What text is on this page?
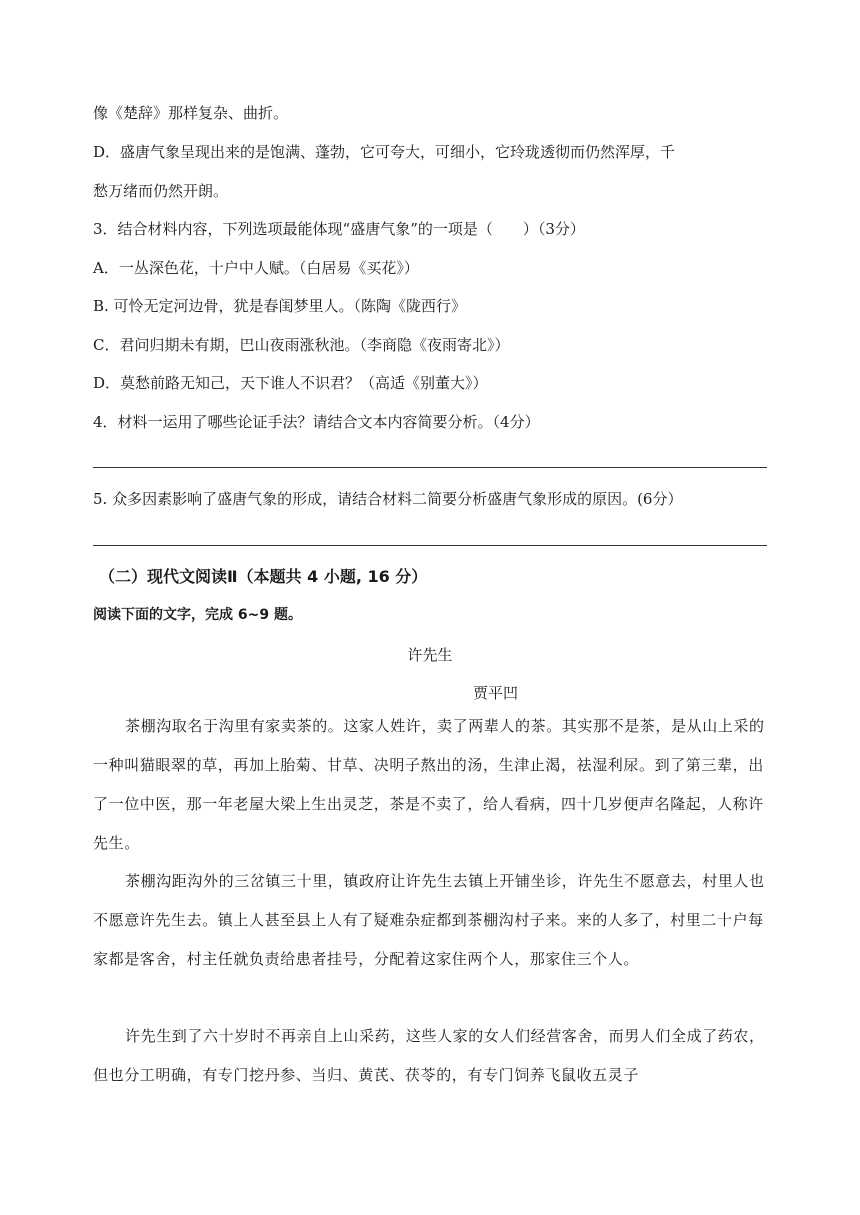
像《楚辞》那样复杂、曲折。
D．盛唐气象呈现出来的是饱满、蓬勃，它可夸大，可细小，它玲珑透彻而仍然浑厚，千
愁万绪而仍然开朗。
3．结合材料内容，下列选项最能体现“盛唐气象”的一项是（　　）（3分）
A．一丛深色花，十户中人赋。（白居易《买花》）
B. 可怜无定河边骨，犹是春闺梦里人。（陈陶《陇西行》
C．君问归期未有期，巴山夜雨涨秋池。（李商隐《夜雨寄北》）
D．莫愁前路无知己，天下谁人不识君？（高适《别董大》）
4．材料一运用了哪些论证手法？请结合文本内容简要分析。（4分）
5. 众多因素影响了盛唐气象的形成，请结合材料二简要分析盛唐气象形成的原因。(6分）
（二）现代文阅读Ⅱ（本题共 4 小题, 16 分）
阅读下面的文字，完成 6~9 题。
许先生
贾平凹
茶棚沟取名于沟里有家卖茶的。这家人姓许，卖了两辈人的茶。其实那不是茶，是从山上采的一种叫猫眼翠的草，再加上胎菊、甘草、决明子熬出的汤，生津止渴，祛湿利尿。到了第三辈，出了一位中医，那一年老屋大梁上生出灵芝，茶是不卖了，给人看病，四十几岁便声名隆起，人称许先生。
茶棚沟距沟外的三岔镇三十里，镇政府让许先生去镇上开铺坐诊，许先生不愿意去，村里人也不愿意许先生去。镇上人甚至县上人有了疑难杂症都到茶棚沟村子来。来的人多了，村里二十户每家都是客舍，村主任就负责给患者挂号，分配着这家住两个人，那家住三个人。
许先生到了六十岁时不再亲自上山采药，这些人家的女人们经营客舍，而男人们全成了药农，但也分工明确，有专门挖丹参、当归、黄芪、茯苓的，有专门饲养飞鼠收五灵子
